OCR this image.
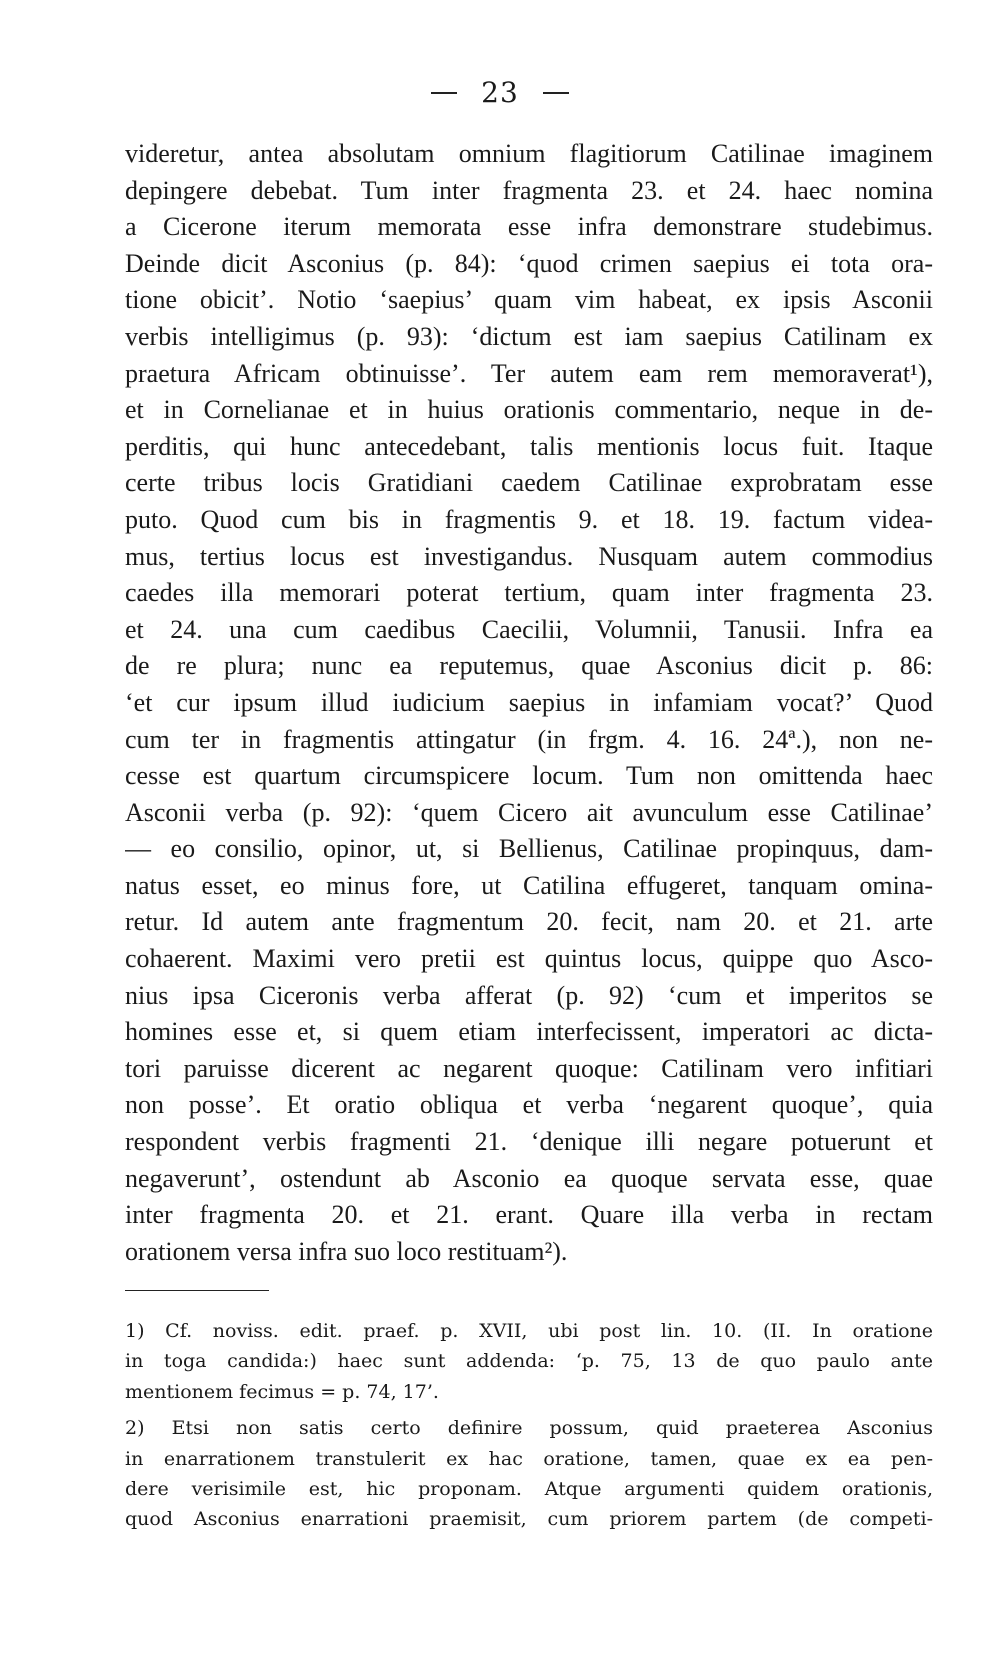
23
videretur, antea absolutam omnium flagitiorum Catilinae imaginem
depingere debebat. Tum inter fragmenta 23. et 24. haec nomina
a Cicerone iterum memorata esse infra demonstrare studebimus.
Deinde dicit Asconius (p. 84): ‘quod crimen saepius ei tota ora-
tione obicit’. Notio ‘saepius’ quam vim habeat, ex ipsis Asconii
verbis intelligimus (p. 93): ‘dictum est iam saepius Catilinam ex
praetura Africam obtinuisse’. Ter autem eam rem memoraverat¹),
et in Cornelianae et in huius orationis commentario, neque in de-
perditis, qui hunc antecedebant, talis mentionis locus fuit. Itaque
certe tribus locis Gratidiani caedem Catilinae exprobratam esse
puto. Quod cum bis in fragmentis 9. et 18. 19. factum videa-
mus, tertius locus est investigandus. Nusquam autem commodius
caedes illa memorari poterat tertium, quam inter fragmenta 23.
et 24. una cum caedibus Caecilii, Volumnii, Tanusii. Infra ea
de re plura; nunc ea reputemus, quae Asconius dicit p. 86:
‘et cur ipsum illud iudicium saepius in infamiam vocat?’ Quod
cum ter in fragmentis attingatur (in frgm. 4. 16. 24ª.), non ne-
cesse est quartum circumspicere locum. Tum non omittenda haec
Asconii verba (p. 92): ‘quem Cicero ait avunculum esse Catilinae’
— eo consilio, opinor, ut, si Bellienus, Catilinae propinquus, dam-
natus esset, eo minus fore, ut Catilina effugeret, tanquam omina-
retur. Id autem ante fragmentum 20. fecit, nam 20. et 21. arte
cohaerent. Maximi vero pretii est quintus locus, quippe quo Asco-
nius ipsa Ciceronis verba afferat (p. 92) ‘cum et imperitos se
homines esse et, si quem etiam interfecissent, imperatori ac dicta-
tori paruisse dicerent ac negarent quoque: Catilinam vero infitiari
non posse’. Et oratio obliqua et verba ‘negarent quoque’, quia
respondent verbis fragmenti 21. ‘denique illi negare potuerunt et
negaverunt’, ostendunt ab Asconio ea quoque servata esse, quae
inter fragmenta 20. et 21. erant. Quare illa verba in rectam
orationem versa infra suo loco restituam²).
1) Cf. noviss. edit. praef. p. XVII, ubi post lin. 10. (II. In oratione
in toga candida:) haec sunt addenda: ‘p. 75, 13 de quo paulo ante
mentionem fecimus = p. 74, 17’.
2) Etsi non satis certo definire possum, quid praeterea Asconius
in enarrationem transtulerit ex hac oratione, tamen, quae ex ea pen-
dere verisimile est, hic proponam. Atque argumenti quidem orationis,
quod Asconius enarrationi praemisit, cum priorem partem (de competi-
